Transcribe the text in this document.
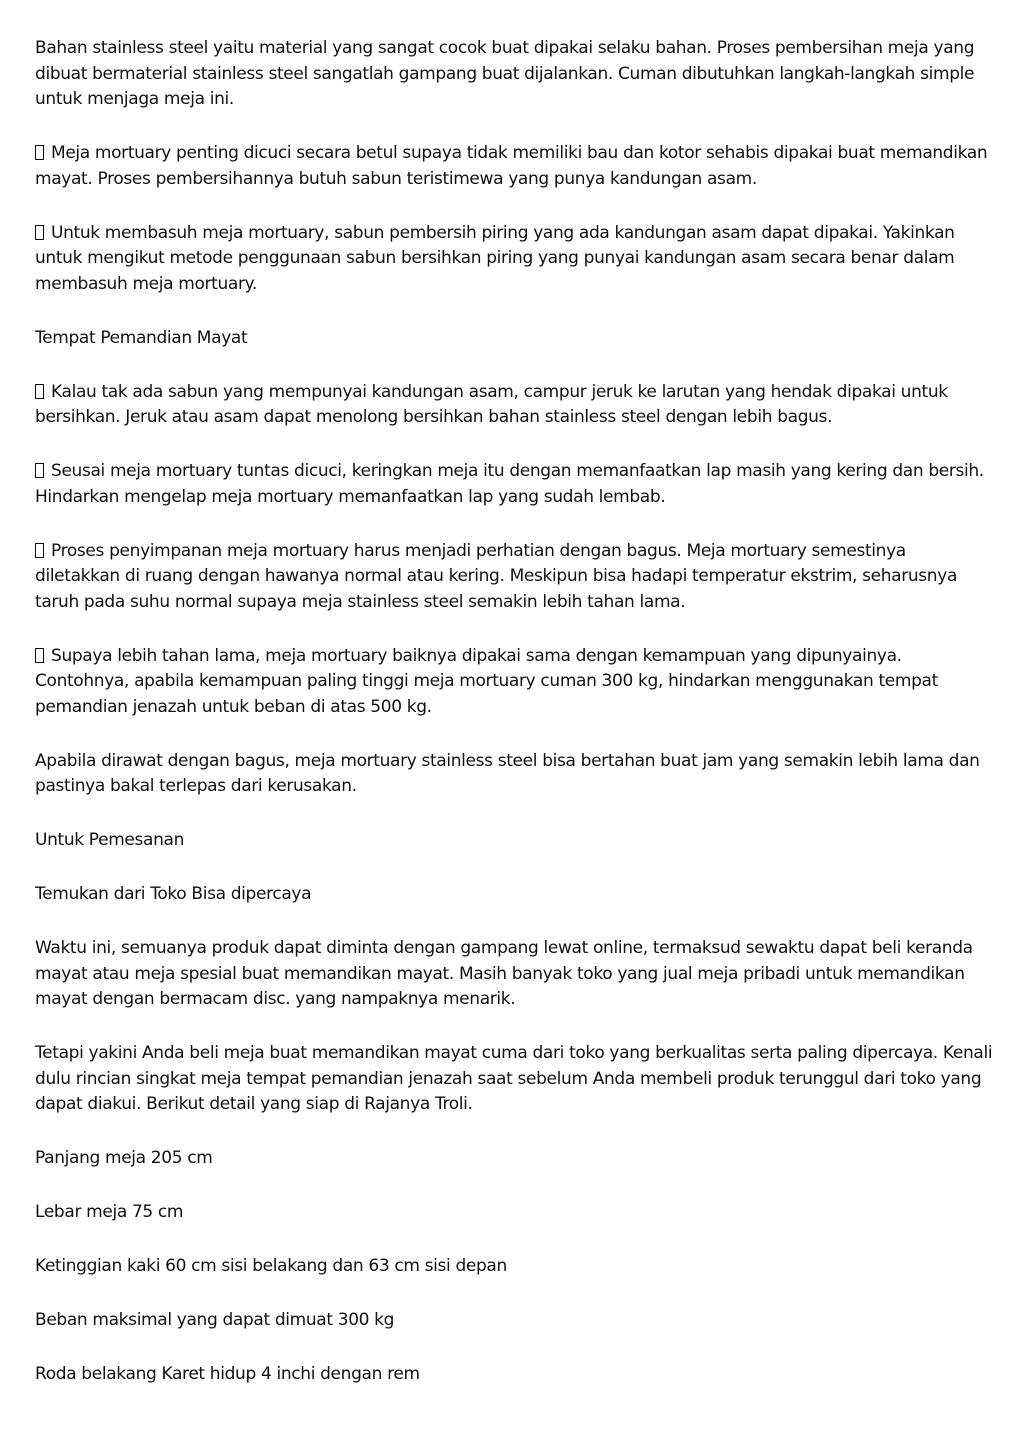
Bahan stainless steel yaitu material yang sangat cocok buat dipakai selaku bahan. Proses pembersihan meja yang dibuat bermaterial stainless steel sangatlah gampang buat dijalankan. Cuman dibutuhkan langkah-langkah simple untuk menjaga meja ini.

Meja mortuary penting dicuci secara betul supaya tidak memiliki bau dan kotor sehabis dipakai buat memandikan mayat. Proses pembersihannya butuh sabun teristimewa yang punya kandungan asam.

Untuk membasuh meja mortuary, sabun pembersih piring yang ada kandungan asam dapat dipakai. Yakinkan untuk mengikut metode penggunaan sabun bersihkan piring yang punyai kandungan asam secara benar dalam membasuh meja mortuary.

Tempat Pemandian Mayat

Kalau tak ada sabun yang mempunyai kandungan asam, campur jeruk ke larutan yang hendak dipakai untuk bersihkan. Jeruk atau asam dapat menolong bersihkan bahan stainless steel dengan lebih bagus.

Seusai meja mortuary tuntas dicuci, keringkan meja itu dengan memanfaatkan lap masih yang kering dan bersih. Hindarkan mengelap meja mortuary memanfaatkan lap yang sudah lembab.

Proses penyimpanan meja mortuary harus menjadi perhatian dengan bagus. Meja mortuary semestinya diletakkan di ruang dengan hawanya normal atau kering. Meskipun bisa hadapi temperatur ekstrim, seharusnya taruh pada suhu normal supaya meja stainless steel semakin lebih tahan lama.

Supaya lebih tahan lama, meja mortuary baiknya dipakai sama dengan kemampuan yang dipunyainya. Contohnya, apabila kemampuan paling tinggi meja mortuary cuman 300 kg, hindarkan menggunakan tempat pemandian jenazah untuk beban di atas 500 kg.

Apabila dirawat dengan bagus, meja mortuary stainless steel bisa bertahan buat jam yang semakin lebih lama dan pastinya bakal terlepas dari kerusakan.

Untuk Pemesanan

Temukan dari Toko Bisa dipercaya

Waktu ini, semuanya produk dapat diminta dengan gampang lewat online, termaksud sewaktu dapat beli keranda mayat atau meja spesial buat memandikan mayat. Masih banyak toko yang jual meja pribadi untuk memandikan mayat dengan bermacam disc. yang nampaknya menarik.

Tetapi yakini Anda beli meja buat memandikan mayat cuma dari toko yang berkualitas serta paling dipercaya. Kenali dulu rincian singkat meja tempat pemandian jenazah saat sebelum Anda membeli produk terunggul dari toko yang dapat diakui. Berikut detail yang siap di Rajanya Troli.

Panjang meja 205 cm

Lebar meja 75 cm

Ketinggian kaki 60 cm sisi belakang dan 63 cm sisi depan

Beban maksimal yang dapat dimuat 300 kg

Roda belakang Karet hidup 4 inchi dengan rem
